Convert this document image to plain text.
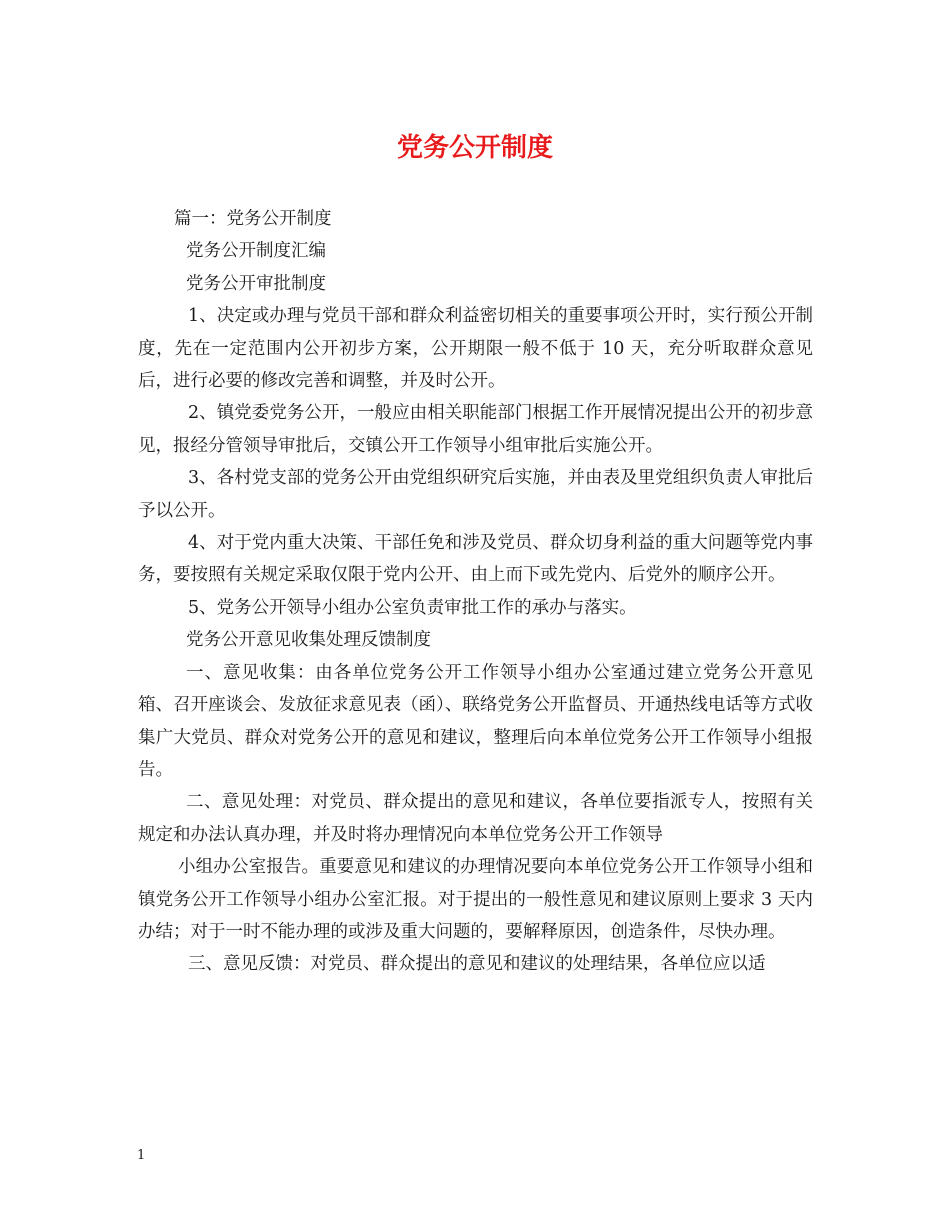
党务公开制度

篇一：党务公开制度

党务公开制度汇编

党务公开审批制度

1、决定或办理与党员干部和群众利益密切相关的重要事项公开时，实行预公开制度，先在一定范围内公开初步方案，公开期限一般不低于 10 天，充分听取群众意见后，进行必要的修改完善和调整，并及时公开。

2、镇党委党务公开，一般应由相关职能部门根据工作开展情况提出公开的初步意见，报经分管领导审批后，交镇公开工作领导小组审批后实施公开。

3、各村党支部的党务公开由党组织研究后实施，并由表及里党组织负责人审批后予以公开。

4、对于党内重大决策、干部任免和涉及党员、群众切身利益的重大问题等党内事务，要按照有关规定采取仅限于党内公开、由上而下或先党内、后党外的顺序公开。

5、党务公开领导小组办公室负责审批工作的承办与落实。

党务公开意见收集处理反馈制度

一、意见收集：由各单位党务公开工作领导小组办公室通过建立党务公开意见箱、召开座谈会、发放征求意见表（函）、联络党务公开监督员、开通热线电话等方式收集广大党员、群众对党务公开的意见和建议，整理后向本单位党务公开工作领导小组报告。

二、意见处理：对党员、群众提出的意见和建议，各单位要指派专人，按照有关规定和办法认真办理，并及时将办理情况向本单位党务公开工作领导

小组办公室报告。重要意见和建议的办理情况要向本单位党务公开工作领导小组和镇党务公开工作领导小组办公室汇报。对于提出的一般性意见和建议原则上要求 3 天内办结；对于一时不能办理的或涉及重大问题的，要解释原因，创造条件，尽快办理。

三、意见反馈：对党员、群众提出的意见和建议的处理结果，各单位应以适

1
